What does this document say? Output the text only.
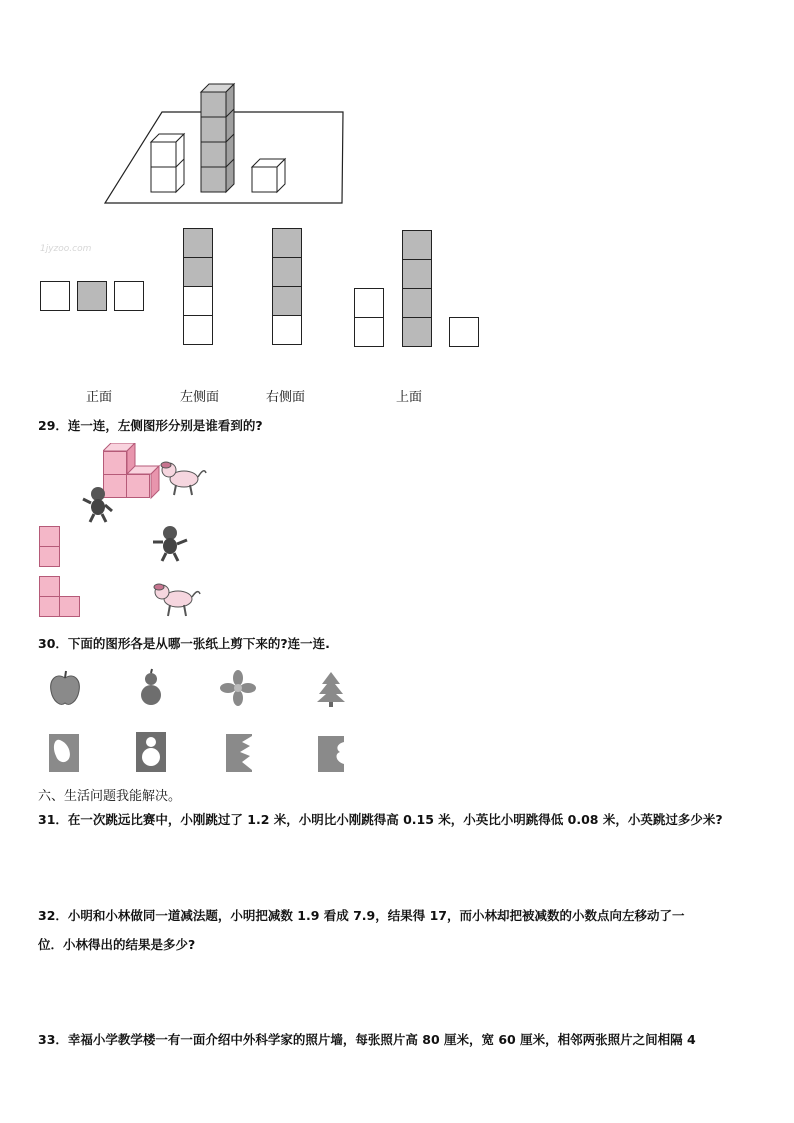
1jyzoo.com
正面	左侧面	右侧面	上面
29．连一连，左侧图形分别是谁看到的?
30．下面的图形各是从哪一张纸上剪下来的?连一连.
六、生活问题我能解决。
31．在一次跳远比赛中，小刚跳过了 1.2 米，小明比小刚跳得高 0.15 米，小英比小明跳得低 0.08 米，小英跳过多少米?
32．小明和小林做同一道减法题，小明把减数 1.9 看成 7.9，结果得 17，而小林却把被减数的小数点向左移动了一
位．小林得出的结果是多少?
33．幸福小学教学楼一有一面介绍中外科学家的照片墙，每张照片高 80 厘米，宽 60 厘米，相邻两张照片之间相隔 4
